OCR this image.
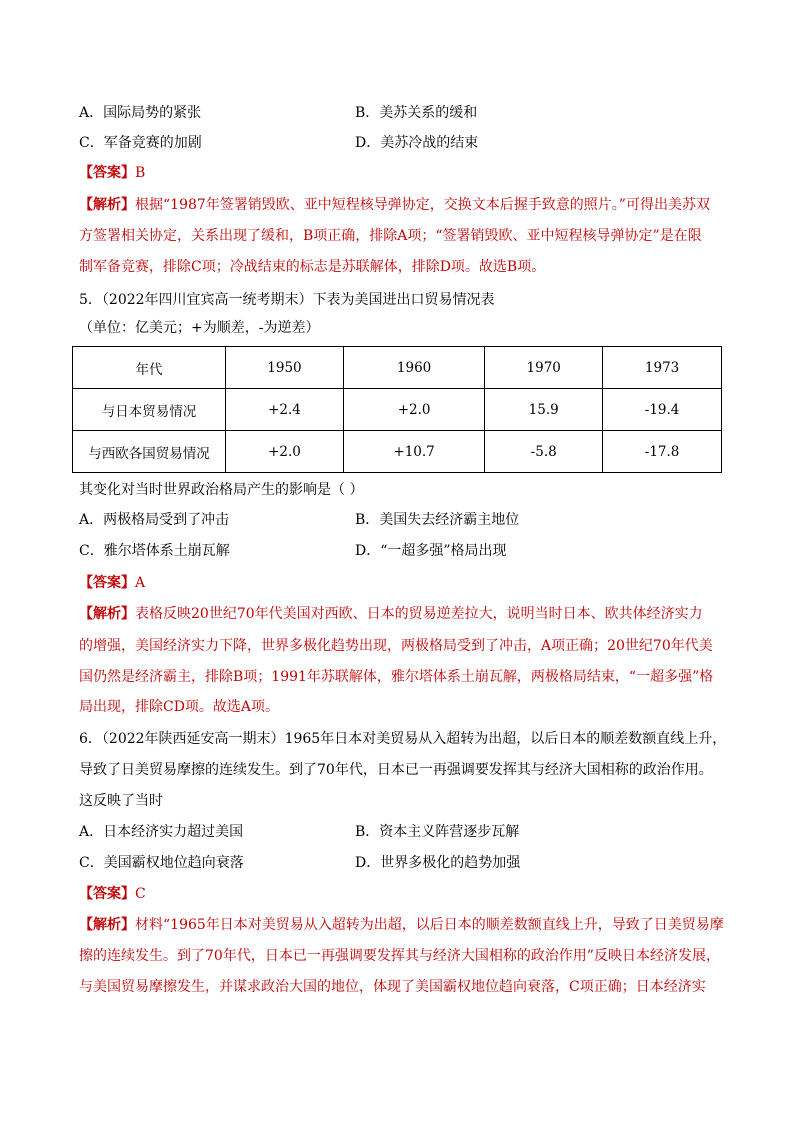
A．国际局势的紧张	B．美苏关系的缓和
C．军备竞赛的加剧	D．美苏冷战的结束
【答案】B
【解析】根据“1987年签署销毁欧、亚中短程核导弹协定，交换文本后握手致意的照片。”可得出美苏双
方签署相关协定，关系出现了缓和，B项正确，排除A项；“签署销毁欧、亚中短程核导弹协定”是在限
制军备竞赛，排除C项；冷战结束的标志是苏联解体，排除D项。故选B项。
5．（2022年四川宜宾高一统考期末）下表为美国进出口贸易情况表
（单位：亿美元；+为顺差，-为逆差）
年代	1950	1960	1970	1973
与日本贸易情况	+2.4	+2.0	15.9	-19.4
与西欧各国贸易情况	+2.0	+10.7	-5.8	-17.8
其变化对当时世界政治格局产生的影响是（ ）
A．两极格局受到了冲击	B．美国失去经济霸主地位
C．雅尔塔体系土崩瓦解	D．“一超多强”格局出现
【答案】A
【解析】表格反映20世纪70年代美国对西欧、日本的贸易逆差拉大，说明当时日本、欧共体经济实力
的增强，美国经济实力下降，世界多极化趋势出现，两极格局受到了冲击，A项正确；20世纪70年代美
国仍然是经济霸主，排除B项；1991年苏联解体，雅尔塔体系土崩瓦解，两极格局结束，“一超多强”格
局出现，排除CD项。故选A项。
6．（2022年陕西延安高一期末）1965年日本对美贸易从入超转为出超，以后日本的顺差数额直线上升，
导致了日美贸易摩擦的连续发生。到了70年代，日本已一再强调要发挥其与经济大国相称的政治作用。
这反映了当时
A．日本经济实力超过美国	B．资本主义阵营逐步瓦解
C．美国霸权地位趋向衰落	D．世界多极化的趋势加强
【答案】C
【解析】材料“1965年日本对美贸易从入超转为出超，以后日本的顺差数额直线上升，导致了日美贸易摩
擦的连续发生。到了70年代，日本已一再强调要发挥其与经济大国相称的政治作用”反映日本经济发展，
与美国贸易摩擦发生，并谋求政治大国的地位，体现了美国霸权地位趋向衰落，C项正确；日本经济实
